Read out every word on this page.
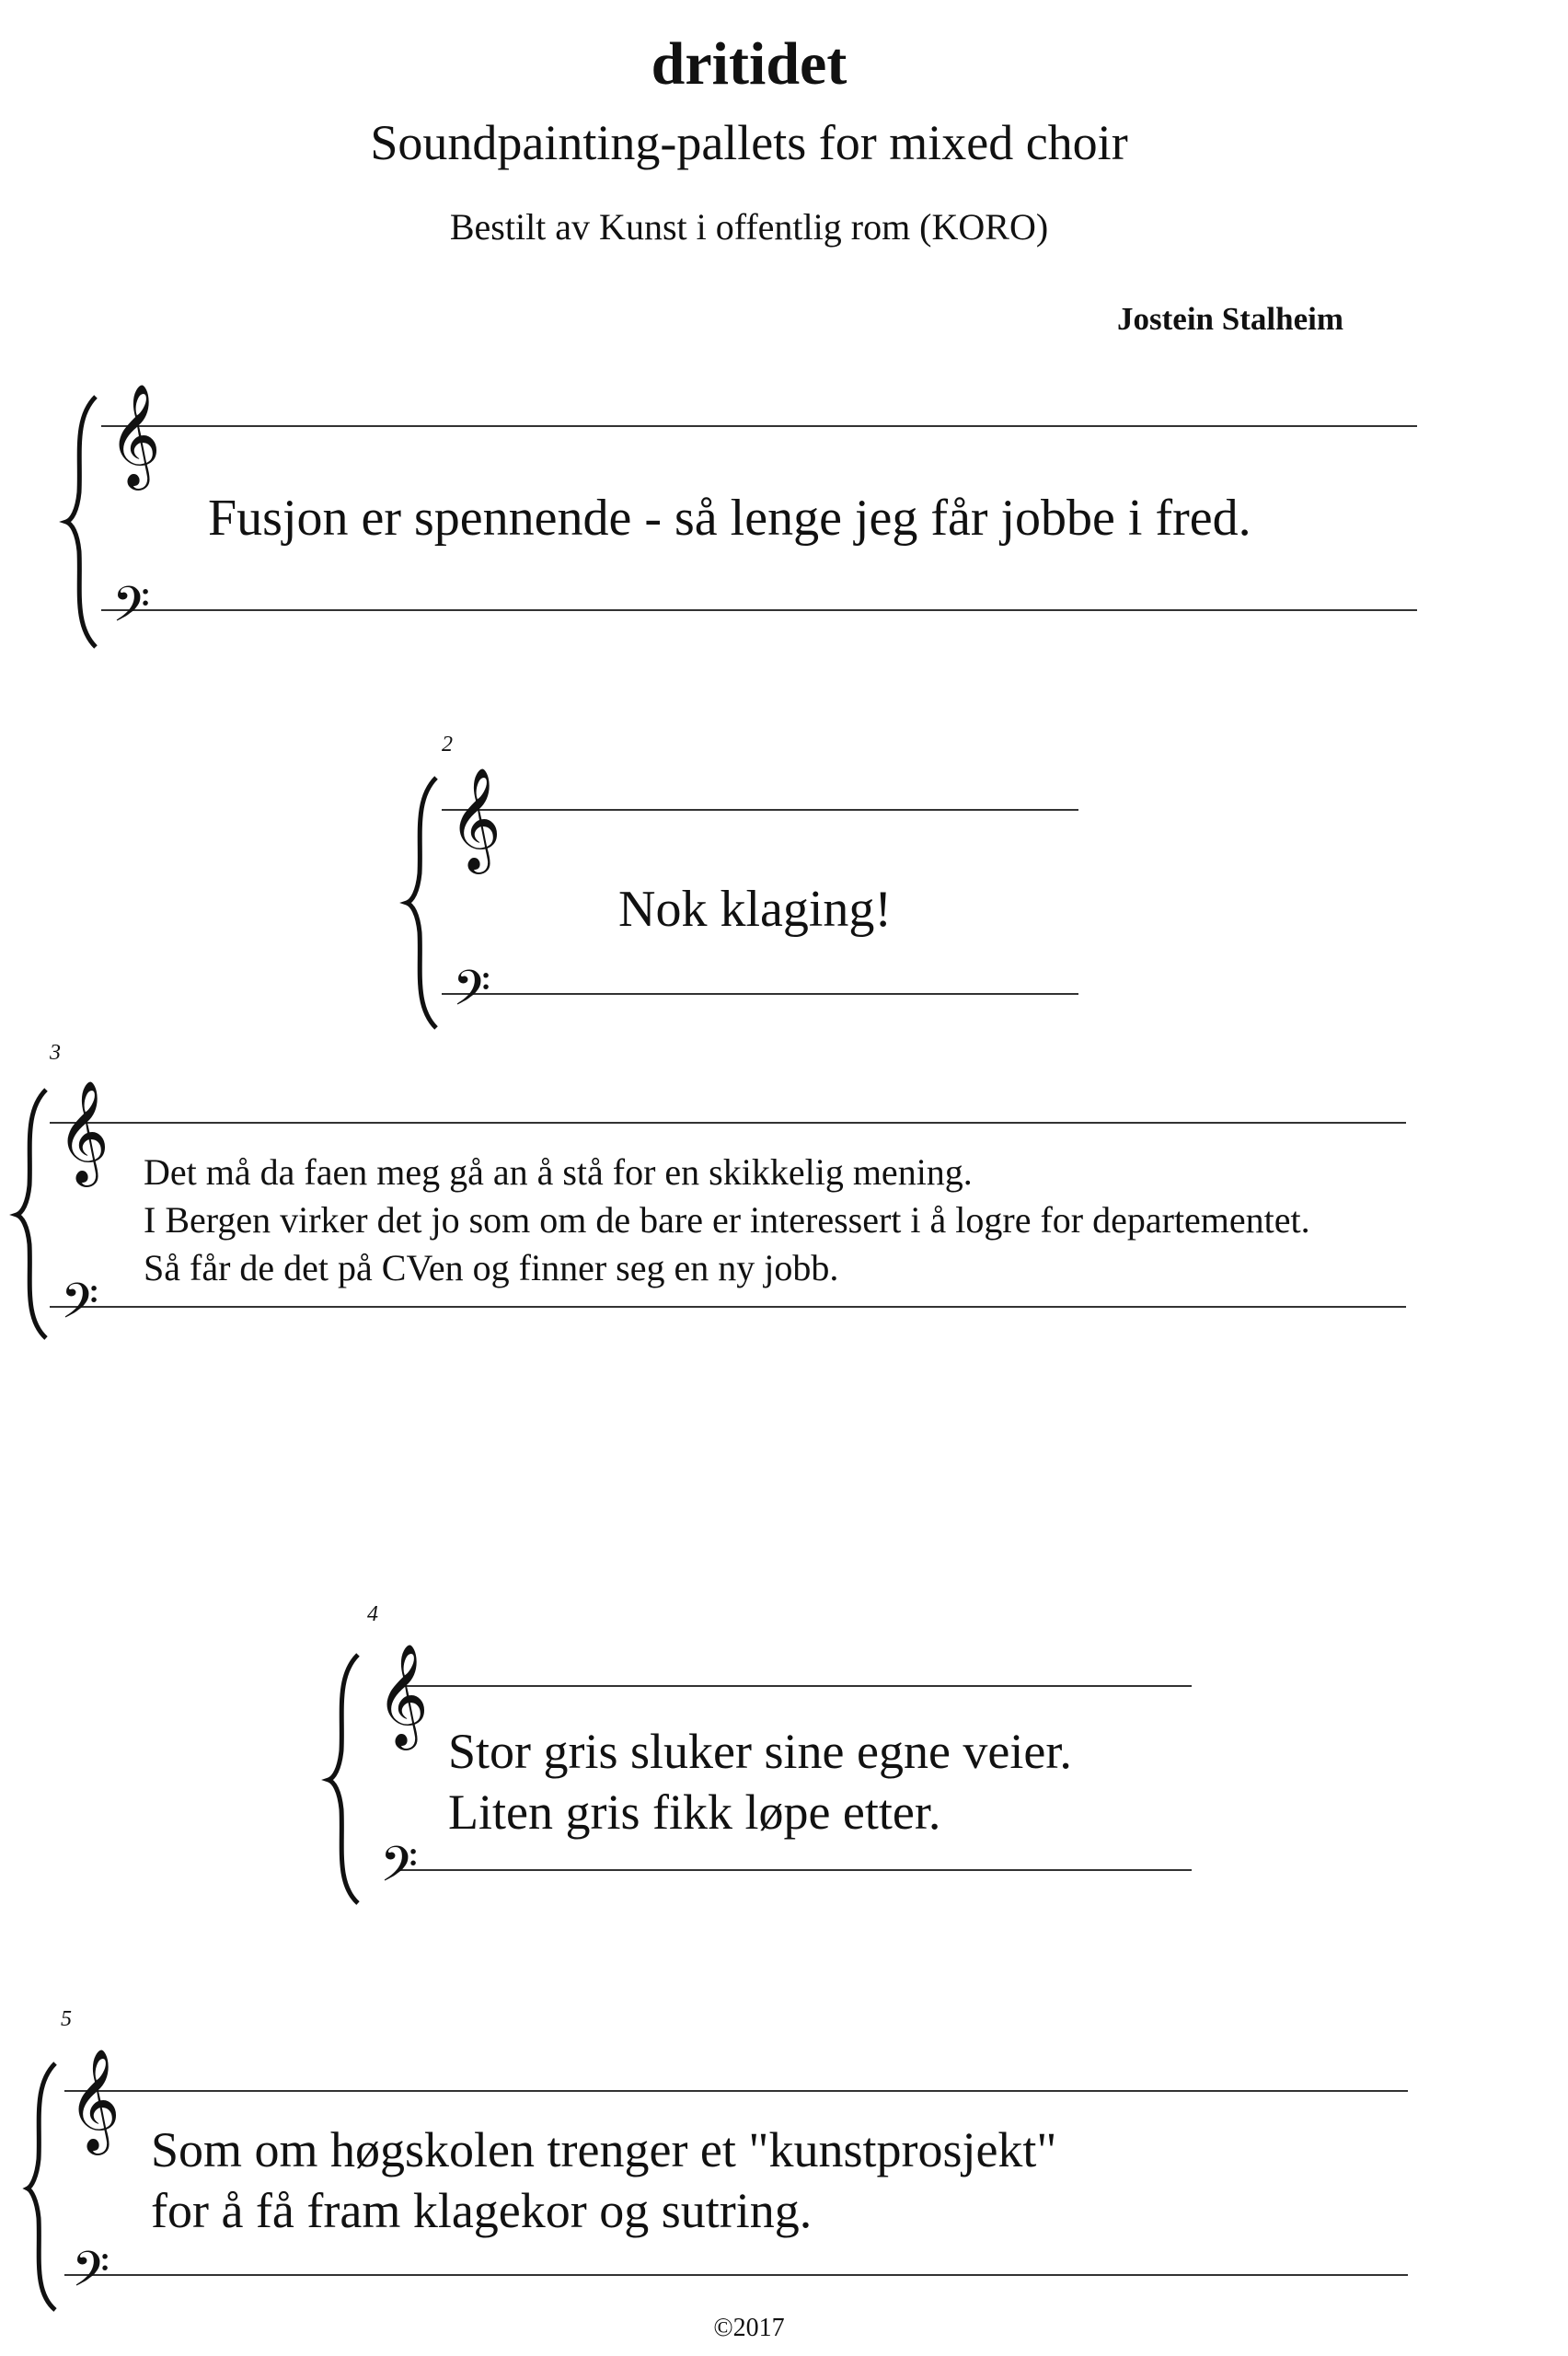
dritidet
Soundpainting-pallets for mixed choir
Bestilt av Kunst i offentlig rom (KORO)
Jostein Stalheim
𝄞
𝄢
Fusjon er spennende - så lenge jeg får jobbe i fred.
2
𝄞
𝄢
Nok klaging!
3
𝄞
𝄢
Det må da faen meg gå an å stå for en skikkelig mening.
I Bergen virker det jo som om de bare er interessert i å logre for departementet.
Så får de det på CVen og finner seg en ny jobb.
4
𝄞
𝄢
Stor gris sluker sine egne veier.
Liten gris fikk løpe etter.
5
𝄞
𝄢
Som om høgskolen trenger et "kunstprosjekt"
for å få fram klagekor og sutring.
©2017
